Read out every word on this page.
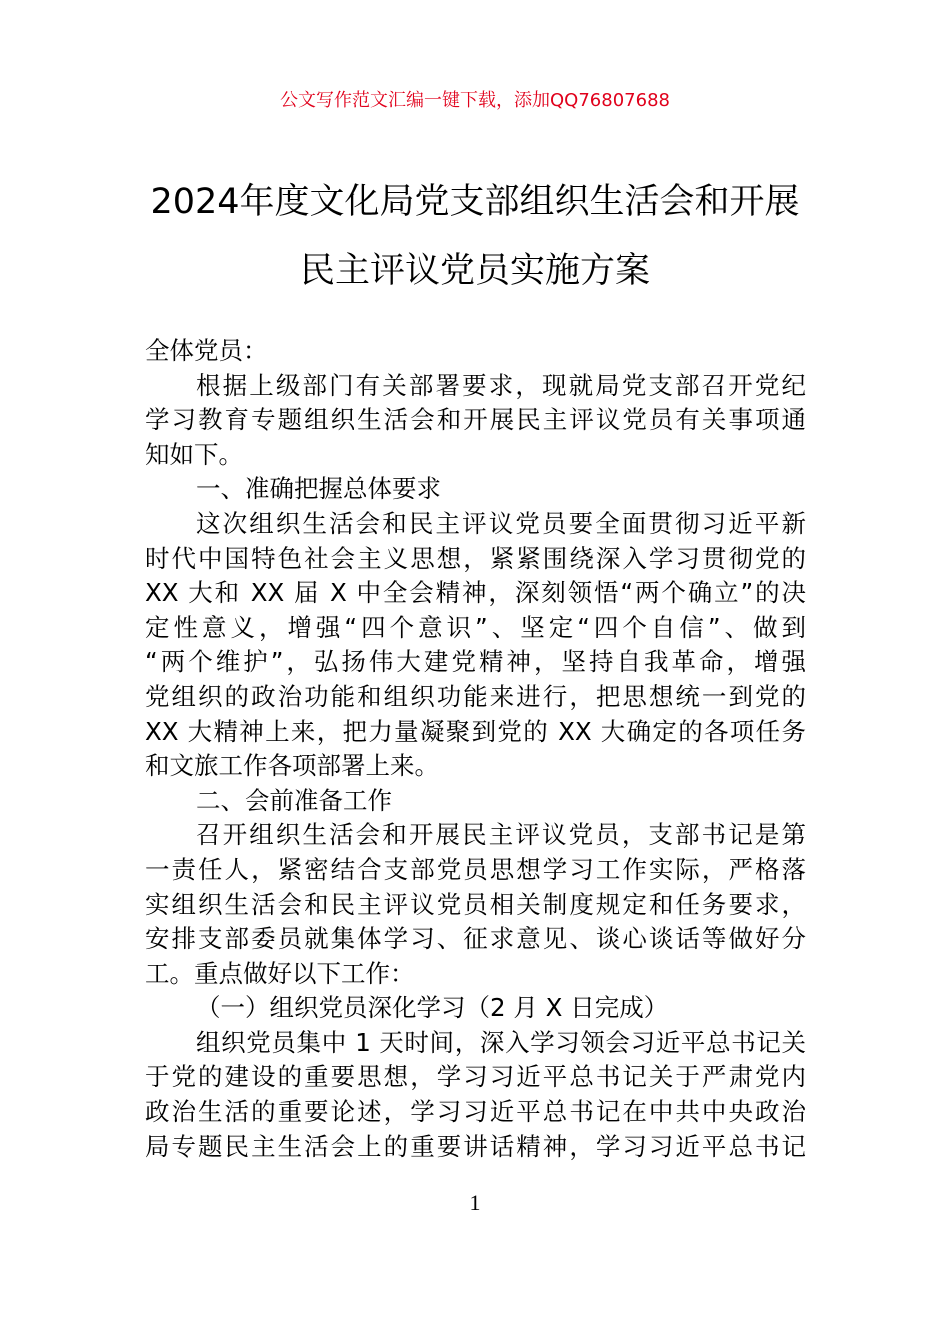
公文写作范文汇编一键下载，添加QQ76807688
2024年度文化局党支部组织生活会和开展
民主评议党员实施方案
全体党员：
根据上级部门有关部署要求，现就局党支部召开党纪
学习教育专题组织生活会和开展民主评议党员有关事项通
知如下。
一、准确把握总体要求
这次组织生活会和民主评议党员要全面贯彻习近平新
时代中国特色社会主义思想，紧紧围绕深入学习贯彻党的
XX 大和 XX 届 X 中全会精神，深刻领悟“两个确立”的决
定性意义，增强“四个意识”、坚定“四个自信”、做到
“两个维护”，弘扬伟大建党精神，坚持自我革命，增强
党组织的政治功能和组织功能来进行，把思想统一到党的
XX 大精神上来，把力量凝聚到党的 XX 大确定的各项任务
和文旅工作各项部署上来。
二、会前准备工作
召开组织生活会和开展民主评议党员，支部书记是第
一责任人，紧密结合支部党员思想学习工作实际，严格落
实组织生活会和民主评议党员相关制度规定和任务要求，
安排支部委员就集体学习、征求意见、谈心谈话等做好分
工。重点做好以下工作：
（一）组织党员深化学习（2 月 X 日完成）
组织党员集中 1 天时间，深入学习领会习近平总书记关
于党的建设的重要思想，学习习近平总书记关于严肃党内
政治生活的重要论述，学习习近平总书记在中共中央政治
局专题民主生活会上的重要讲话精神，学习习近平总书记
1
